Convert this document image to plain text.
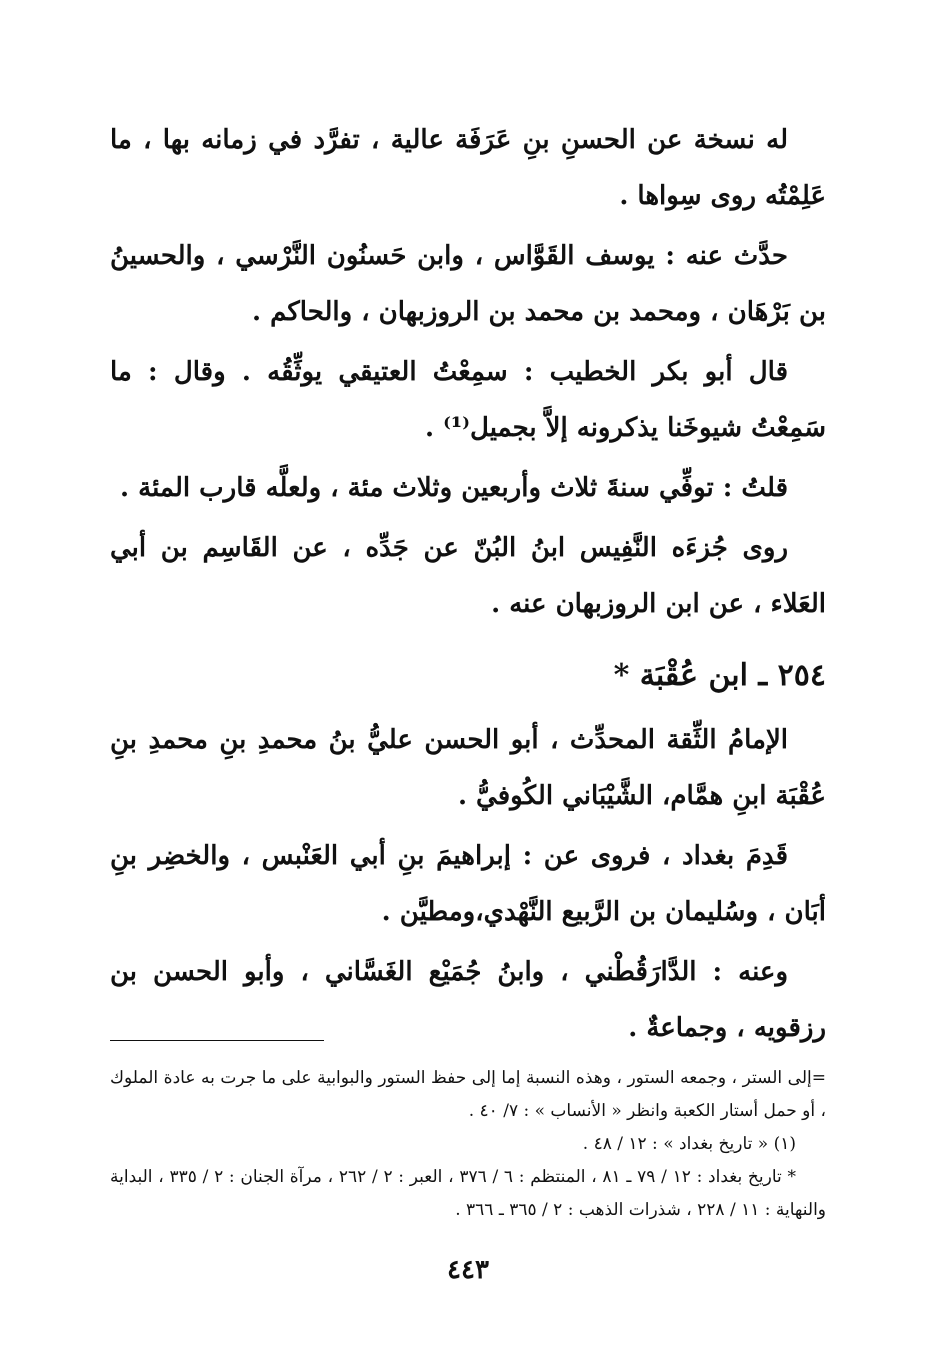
له نسخة عن الحسنِ بنِ عَرَفَة عالية ، تفرَّد في زمانه بها ، ما عَلِمْتُه روى سِواها .

حدَّث عنه : يوسف القَوَّاس ، وابن حَسنُون النَّرْسي ، والحسينُ بن بَرْهَان ، ومحمد بن محمد بن الروزبهان ، والحاكم .

قال أبو بكر الخطيب : سمِعْتُ العتيقي يوثِّقُه . وقال : ما سَمِعْتُ شيوخَنا يذكرونه إلاَّ بجميل⁽¹⁾ .

قلتُ : توفِّي سنةَ ثلاث وأربعين وثلاث مئة ، ولعلَّه قارب المئة .

روى جُزءَه النَّفِيس ابنُ البُنّ عن جَدِّه ، عن القَاسِم بن أبي العَلاء ، عن ابن الروزبهان عنه .

٢٥٤ ـ ابن عُقْبَة *

الإمامُ الثِّقة المحدِّث ، أبو الحسن عليُّ بنُ محمدِ بنِ محمدِ بنِ عُقْبَة ابنِ همَّام، الشَّيْبَاني الكُوفيُّ .

قَدِمَ بغداد ، فروى عن : إبراهيمَ بنِ أبي العَنْبس ، والخضِر بنِ أبَان ، وسُليمان بن الرَّبيع النَّهْدي،ومطيَّن .

وعنه : الدَّارَقُطْني ، وابنُ جُمَيْع الغَسَّاني ، وأبو الحسن بن رزقويه ، وجماعةٌ .

=إلى الستر ، وجمعه الستور ، وهذه النسبة إما إلى حفظ الستور والبوابية على ما جرت به عادة الملوك ، أو حمل أستار الكعبة وانظر « الأنساب » : ٧/ ٤٠ .

(١) « تاريخ بغداد » : ١٢ / ٤٨ .

* تاريخ بغداد : ١٢ / ٧٩ ـ ٨١ ، المنتظم : ٦ / ٣٧٦ ، العبر : ٢ / ٢٦٢ ، مرآة الجنان : ٢ / ٣٣٥ ، البداية والنهاية : ١١ / ٢٢٨ ، شذرات الذهب : ٢ / ٣٦٥ ـ ٣٦٦ .

٤٤٣
